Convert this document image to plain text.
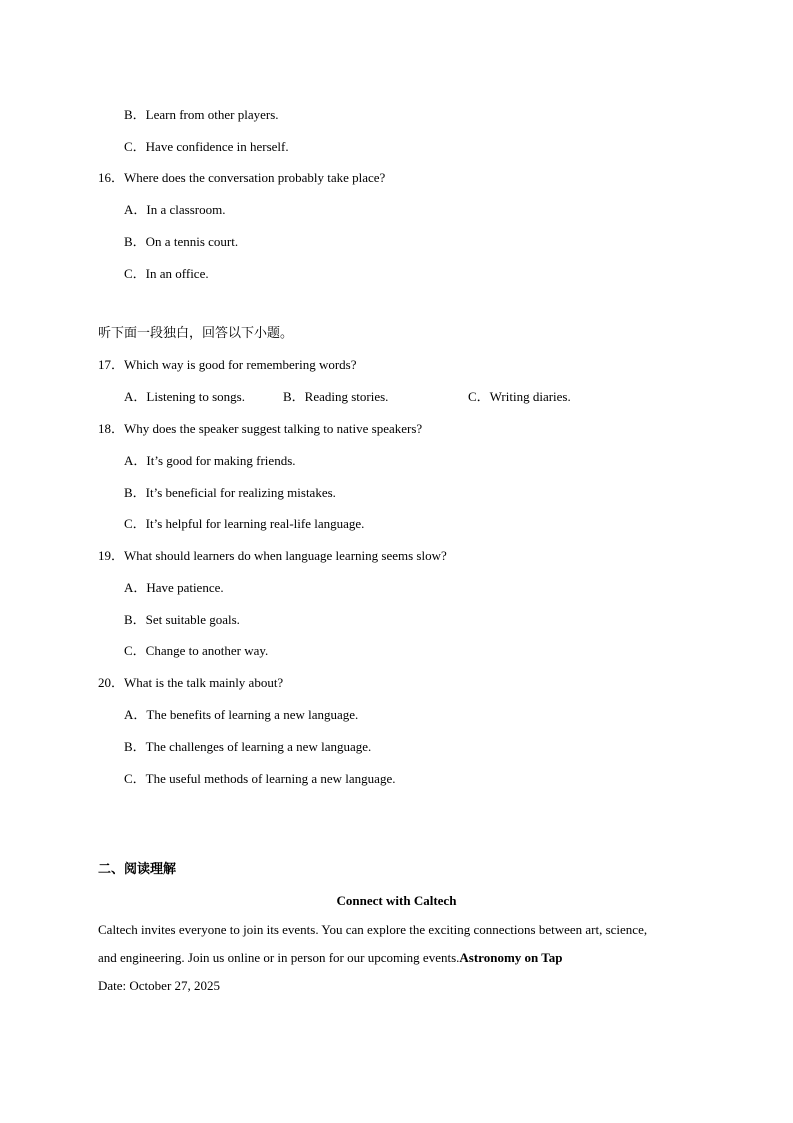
B．Learn from other players.
C．Have confidence in herself.
16．Where does the conversation probably take place?
A．In a classroom.
B．On a tennis court.
C．In an office.
听下面一段独白，回答以下小题。
17．Which way is good for remembering words?
A．Listening to songs.	B．Reading stories.	C．Writing diaries.
18．Why does the speaker suggest talking to native speakers?
A．It’s good for making friends.
B．It’s beneficial for realizing mistakes.
C．It’s helpful for learning real-life language.
19．What should learners do when language learning seems slow?
A．Have patience.
B．Set suitable goals.
C．Change to another way.
20．What is the talk mainly about?
A．The benefits of learning a new language.
B．The challenges of learning a new language.
C．The useful methods of learning a new language.
二、阅读理解
Connect with Caltech
Caltech invites everyone to join its events. You can explore the exciting connections between art, science,
and engineering. Join us online or in person for our upcoming events.Astronomy on Tap
Date: October 27, 2025
